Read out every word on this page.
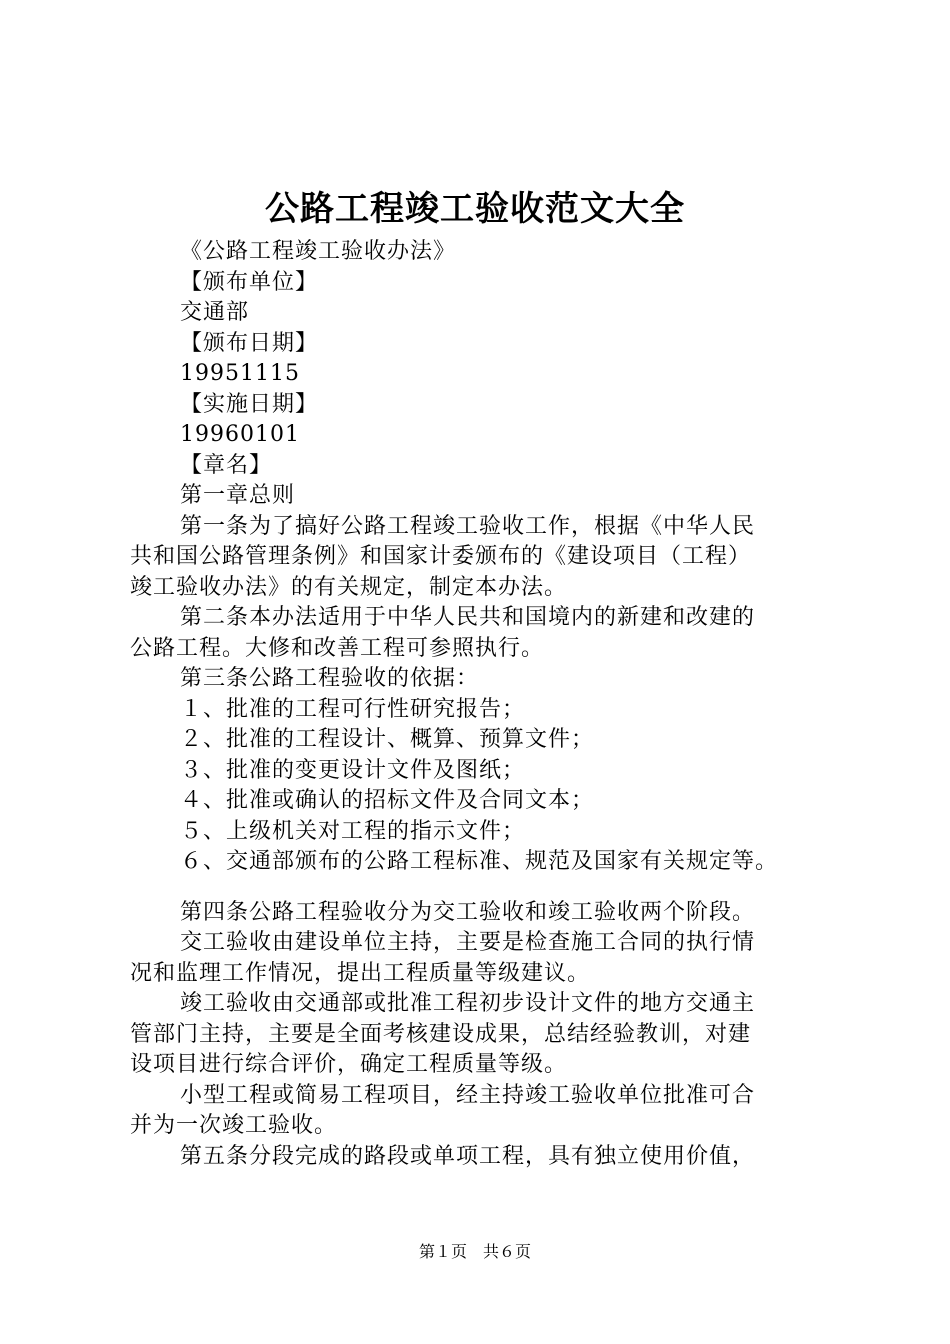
公路工程竣工验收范文大全
《公路工程竣工验收办法》
【颁布单位】
交通部
【颁布日期】
19951115
【实施日期】
19960101
【章名】
第一章总则
第一条为了搞好公路工程竣工验收工作，根据《中华人民
共和国公路管理条例》和国家计委颁布的《建设项目（工程）
竣工验收办法》的有关规定，制定本办法。
第二条本办法适用于中华人民共和国境内的新建和改建的
公路工程。大修和改善工程可参照执行。
第三条公路工程验收的依据：
１、批准的工程可行性研究报告；
２、批准的工程设计、概算、预算文件；
３、批准的变更设计文件及图纸；
４、批准或确认的招标文件及合同文本；
５、上级机关对工程的指示文件；
６、交通部颁布的公路工程标准、规范及国家有关规定等。
第四条公路工程验收分为交工验收和竣工验收两个阶段。
交工验收由建设单位主持，主要是检查施工合同的执行情
况和监理工作情况，提出工程质量等级建议。
竣工验收由交通部或批准工程初步设计文件的地方交通主
管部门主持，主要是全面考核建设成果，总结经验教训，对建
设项目进行综合评价，确定工程质量等级。
小型工程或简易工程项目，经主持竣工验收单位批准可合
并为一次竣工验收。
第五条分段完成的路段或单项工程，具有独立使用价值，
第１页　共６页
